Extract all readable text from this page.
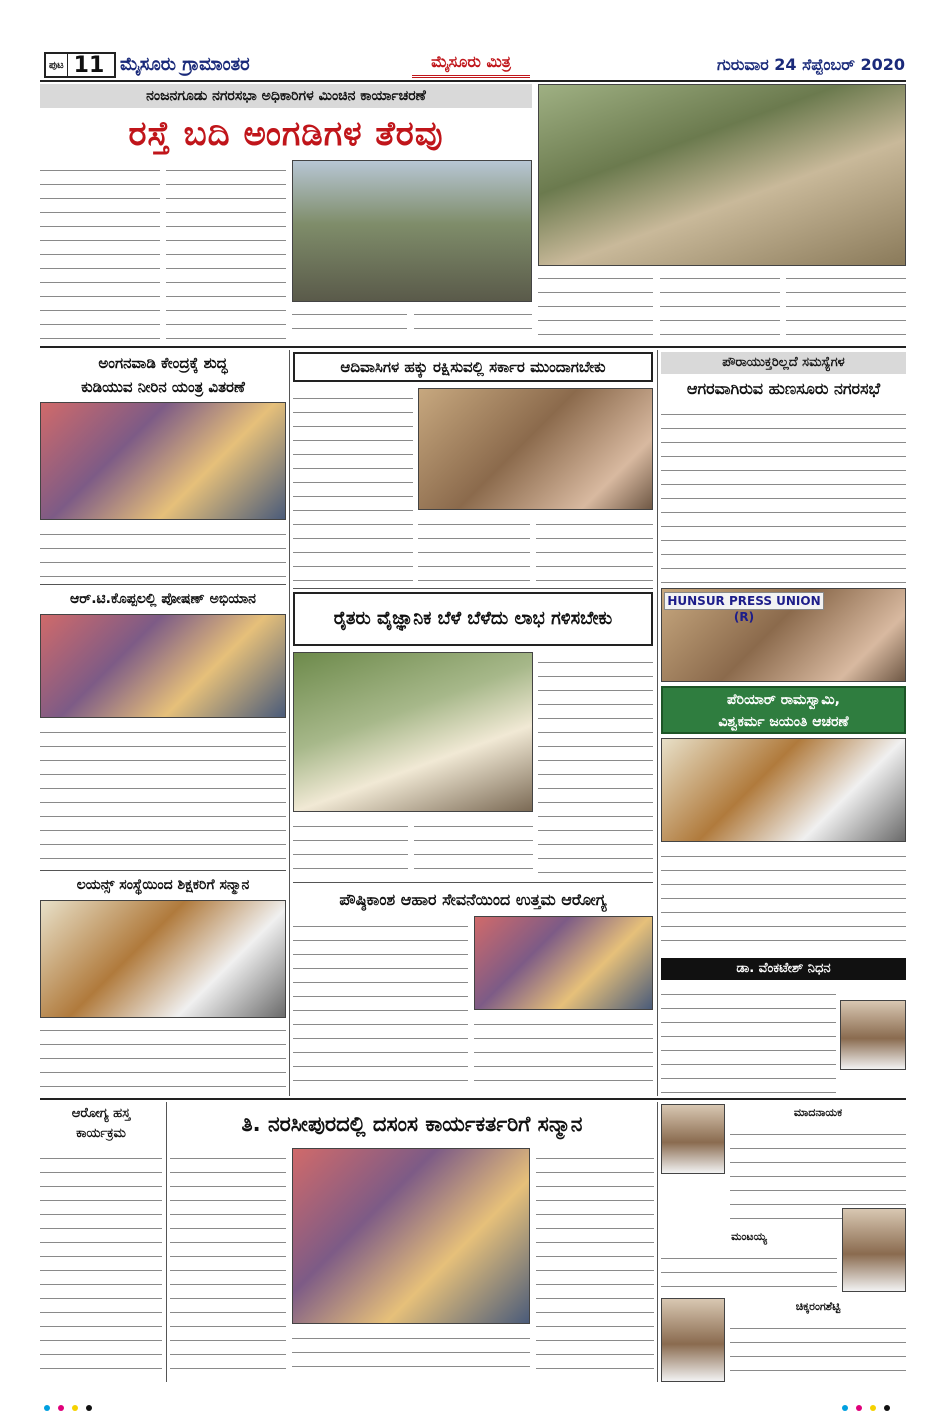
ಪುಟ 11 ಮೈಸೂರು ಗ್ರಾಮಾಂತರ	ಮೈಸೂರು ಮಿತ್ರ	ಗುರುವಾರ 24 ಸೆಪ್ಟೆಂಬರ್ 2020
ನಂಜನಗೂಡು ನಗರಸಭಾ ಅಧಿಕಾರಿಗಳ ಮಿಂಚಿನ ಕಾರ್ಯಾಚರಣೆ
ರಸ್ತೆ ಬದಿ ಅಂಗಡಿಗಳ ತೆರವು
ಅಂಗನವಾಡಿ ಕೇಂದ್ರಕ್ಕೆ ಶುದ್ಧ
ಕುಡಿಯುವ ನೀರಿನ ಯಂತ್ರ ವಿತರಣೆ
ಆರ್.ಟಿ.ಕೊಪ್ಪಲಲ್ಲಿ ಪೋಷಣ್ ಅಭಿಯಾನ
ಲಯನ್ಸ್ ಸಂಸ್ಥೆಯಿಂದ ಶಿಕ್ಷಕರಿಗೆ ಸನ್ಮಾನ
ಆದಿವಾಸಿಗಳ ಹಕ್ಕು ರಕ್ಷಿಸುವಲ್ಲಿ ಸರ್ಕಾರ ಮುಂದಾಗಬೇಕು
ರೈತರು ವೈಜ್ಞಾನಿಕ ಬೆಳೆ ಬೆಳೆದು ಲಾಭ ಗಳಿಸಬೇಕು
ಪೌಷ್ಠಿಕಾಂಶ ಆಹಾರ ಸೇವನೆಯಿಂದ ಉತ್ತಮ ಆರೋಗ್ಯ
ಪೌರಾಯುಕ್ತರಿಲ್ಲದೆ ಸಮಸ್ಯೆಗಳ
ಆಗರವಾಗಿರುವ ಹುಣಸೂರು ನಗರಸಭೆ
HUNSUR PRESS UNION (R)
ಪೆರಿಯಾರ್ ರಾಮಸ್ವಾಮಿ,
ವಿಶ್ವಕರ್ಮ ಜಯಂತಿ ಆಚರಣೆ
ಡಾ. ವೆಂಕಟೇಶ್ ನಿಧನ
ಆರೋಗ್ಯ ಹಸ್ತ
ಕಾರ್ಯಕ್ರಮ	ತಿ. ನರಸೀಪುರದಲ್ಲಿ ದಸಂಸ ಕಾರ್ಯಕರ್ತರಿಗೆ ಸನ್ಮಾನ	ಮಾದನಾಯಕ
ಮಂಟಯ್ಯ
ಚಿಕ್ಕರಂಗಶೆಟ್ಟಿ
